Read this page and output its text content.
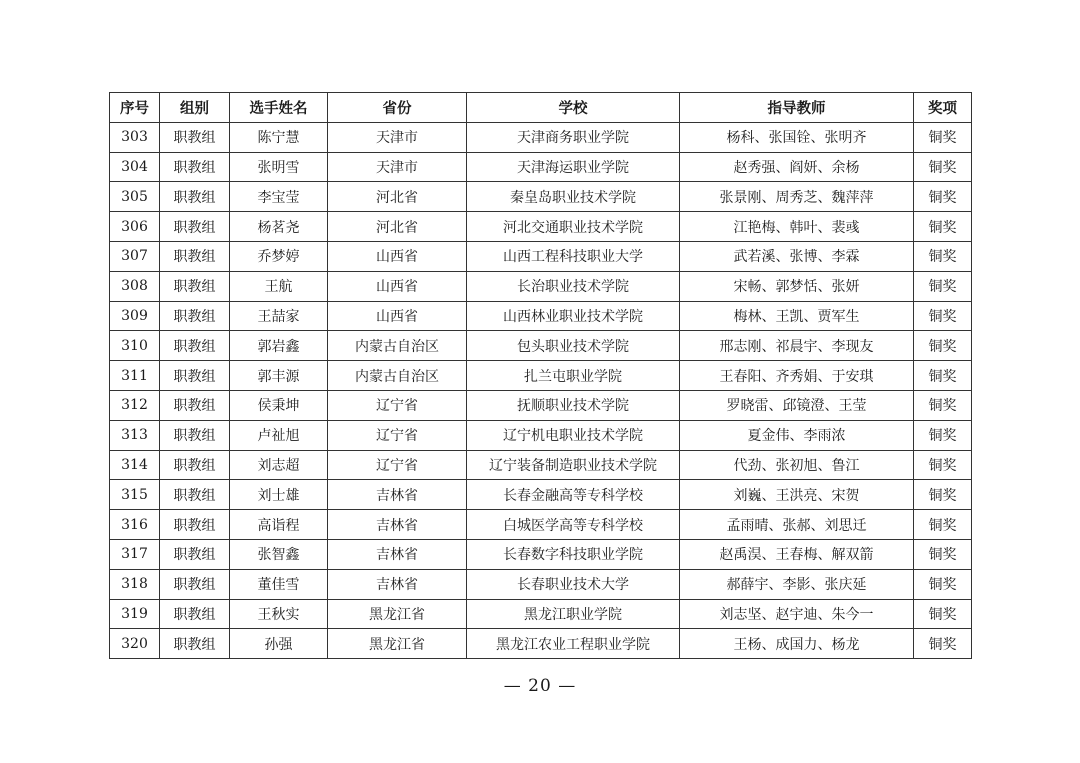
序号	组别	选手姓名	省份	学校	指导教师	奖项
303	职教组	陈宁慧	天津市	天津商务职业学院	杨科、张国铨、张明齐	铜奖
304	职教组	张明雪	天津市	天津海运职业学院	赵秀强、阎妍、余杨	铜奖
305	职教组	李宝莹	河北省	秦皇岛职业技术学院	张景刚、周秀芝、魏萍萍	铜奖
306	职教组	杨茗尧	河北省	河北交通职业技术学院	江艳梅、韩叶、裴彧	铜奖
307	职教组	乔梦婷	山西省	山西工程科技职业大学	武若溪、张博、李霖	铜奖
308	职教组	王航	山西省	长治职业技术学院	宋畅、郭梦恬、张妍	铜奖
309	职教组	王喆家	山西省	山西林业职业技术学院	梅林、王凯、贾军生	铜奖
310	职教组	郭岩鑫	内蒙古自治区	包头职业技术学院	邢志刚、祁晨宇、李现友	铜奖
311	职教组	郭丰源	内蒙古自治区	扎兰屯职业学院	王春阳、齐秀娟、于安琪	铜奖
312	职教组	侯秉坤	辽宁省	抚顺职业技术学院	罗晓雷、邱镜澄、王莹	铜奖
313	职教组	卢祉旭	辽宁省	辽宁机电职业技术学院	夏金伟、李雨浓	铜奖
314	职教组	刘志超	辽宁省	辽宁装备制造职业技术学院	代劲、张初旭、鲁江	铜奖
315	职教组	刘士雄	吉林省	长春金融高等专科学校	刘巍、王洪亮、宋贺	铜奖
316	职教组	高诣程	吉林省	白城医学高等专科学校	孟雨晴、张郝、刘思迁	铜奖
317	职教组	张智鑫	吉林省	长春数字科技职业学院	赵禹淏、王春梅、解双箭	铜奖
318	职教组	董佳雪	吉林省	长春职业技术大学	郝薛宇、李影、张庆延	铜奖
319	职教组	王秋实	黑龙江省	黑龙江职业学院	刘志坚、赵宇迪、朱今一	铜奖
320	职教组	孙强	黑龙江省	黑龙江农业工程职业学院	王杨、成国力、杨龙	铜奖
— 20 —
